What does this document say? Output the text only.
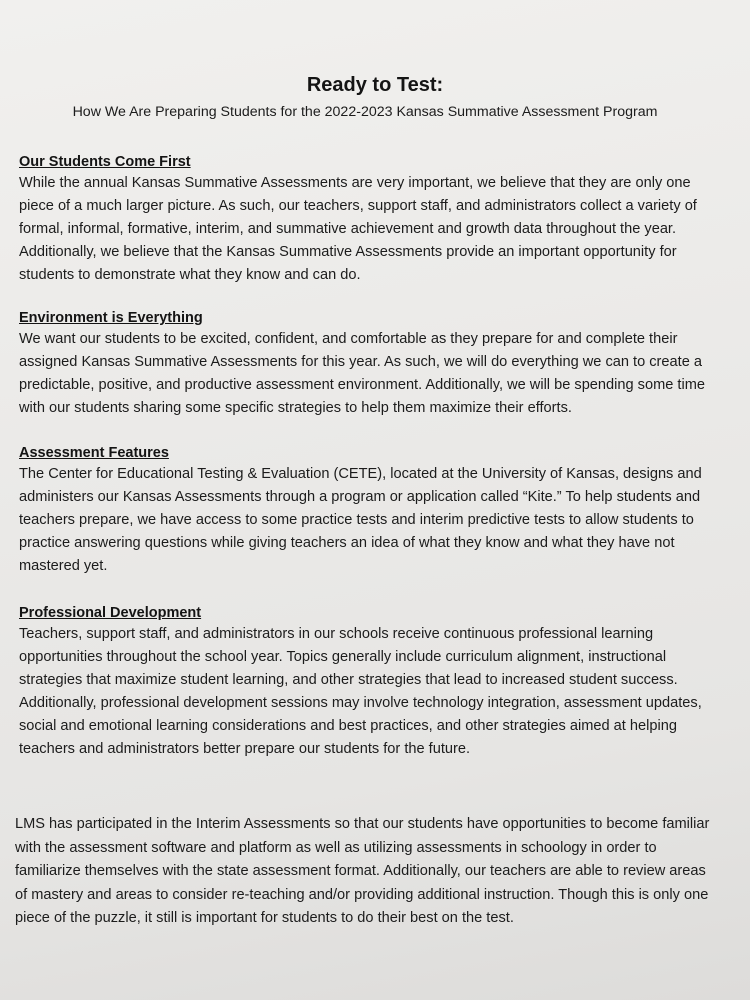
Ready to Test:

How We Are Preparing Students for the 2022-2023 Kansas Summative Assessment Program

Our Students Come First

While the annual Kansas Summative Assessments are very important, we believe that they are only one piece of a much larger picture. As such, our teachers, support staff, and administrators collect a variety of formal, informal, formative, interim, and summative achievement and growth data throughout the year. Additionally, we believe that the Kansas Summative Assessments provide an important opportunity for students to demonstrate what they know and can do.

Environment is Everything

We want our students to be excited, confident, and comfortable as they prepare for and complete their assigned Kansas Summative Assessments for this year. As such, we will do everything we can to create a predictable, positive, and productive assessment environment. Additionally, we will be spending some time with our students sharing some specific strategies to help them maximize their efforts.

Assessment Features

The Center for Educational Testing & Evaluation (CETE), located at the University of Kansas, designs and administers our Kansas Assessments through a program or application called “Kite.” To help students and teachers prepare, we have access to some practice tests and interim predictive tests to allow students to practice answering questions while giving teachers an idea of what they know and what they have not mastered yet.

Professional Development

Teachers, support staff, and administrators in our schools receive continuous professional learning opportunities throughout the school year. Topics generally include curriculum alignment, instructional strategies that maximize student learning, and other strategies that lead to increased student success. Additionally, professional development sessions may involve technology integration, assessment updates, social and emotional learning considerations and best practices, and other strategies aimed at helping teachers and administrators better prepare our students for the future.

LMS has participated in the Interim Assessments so that our students have opportunities to become familiar with the assessment software and platform as well as utilizing assessments in schoology in order to familiarize themselves with the state assessment format. Additionally, our teachers are able to review areas of mastery and areas to consider re-teaching and/or providing additional instruction. Though this is only one piece of the puzzle, it still is important for students to do their best on the test.
